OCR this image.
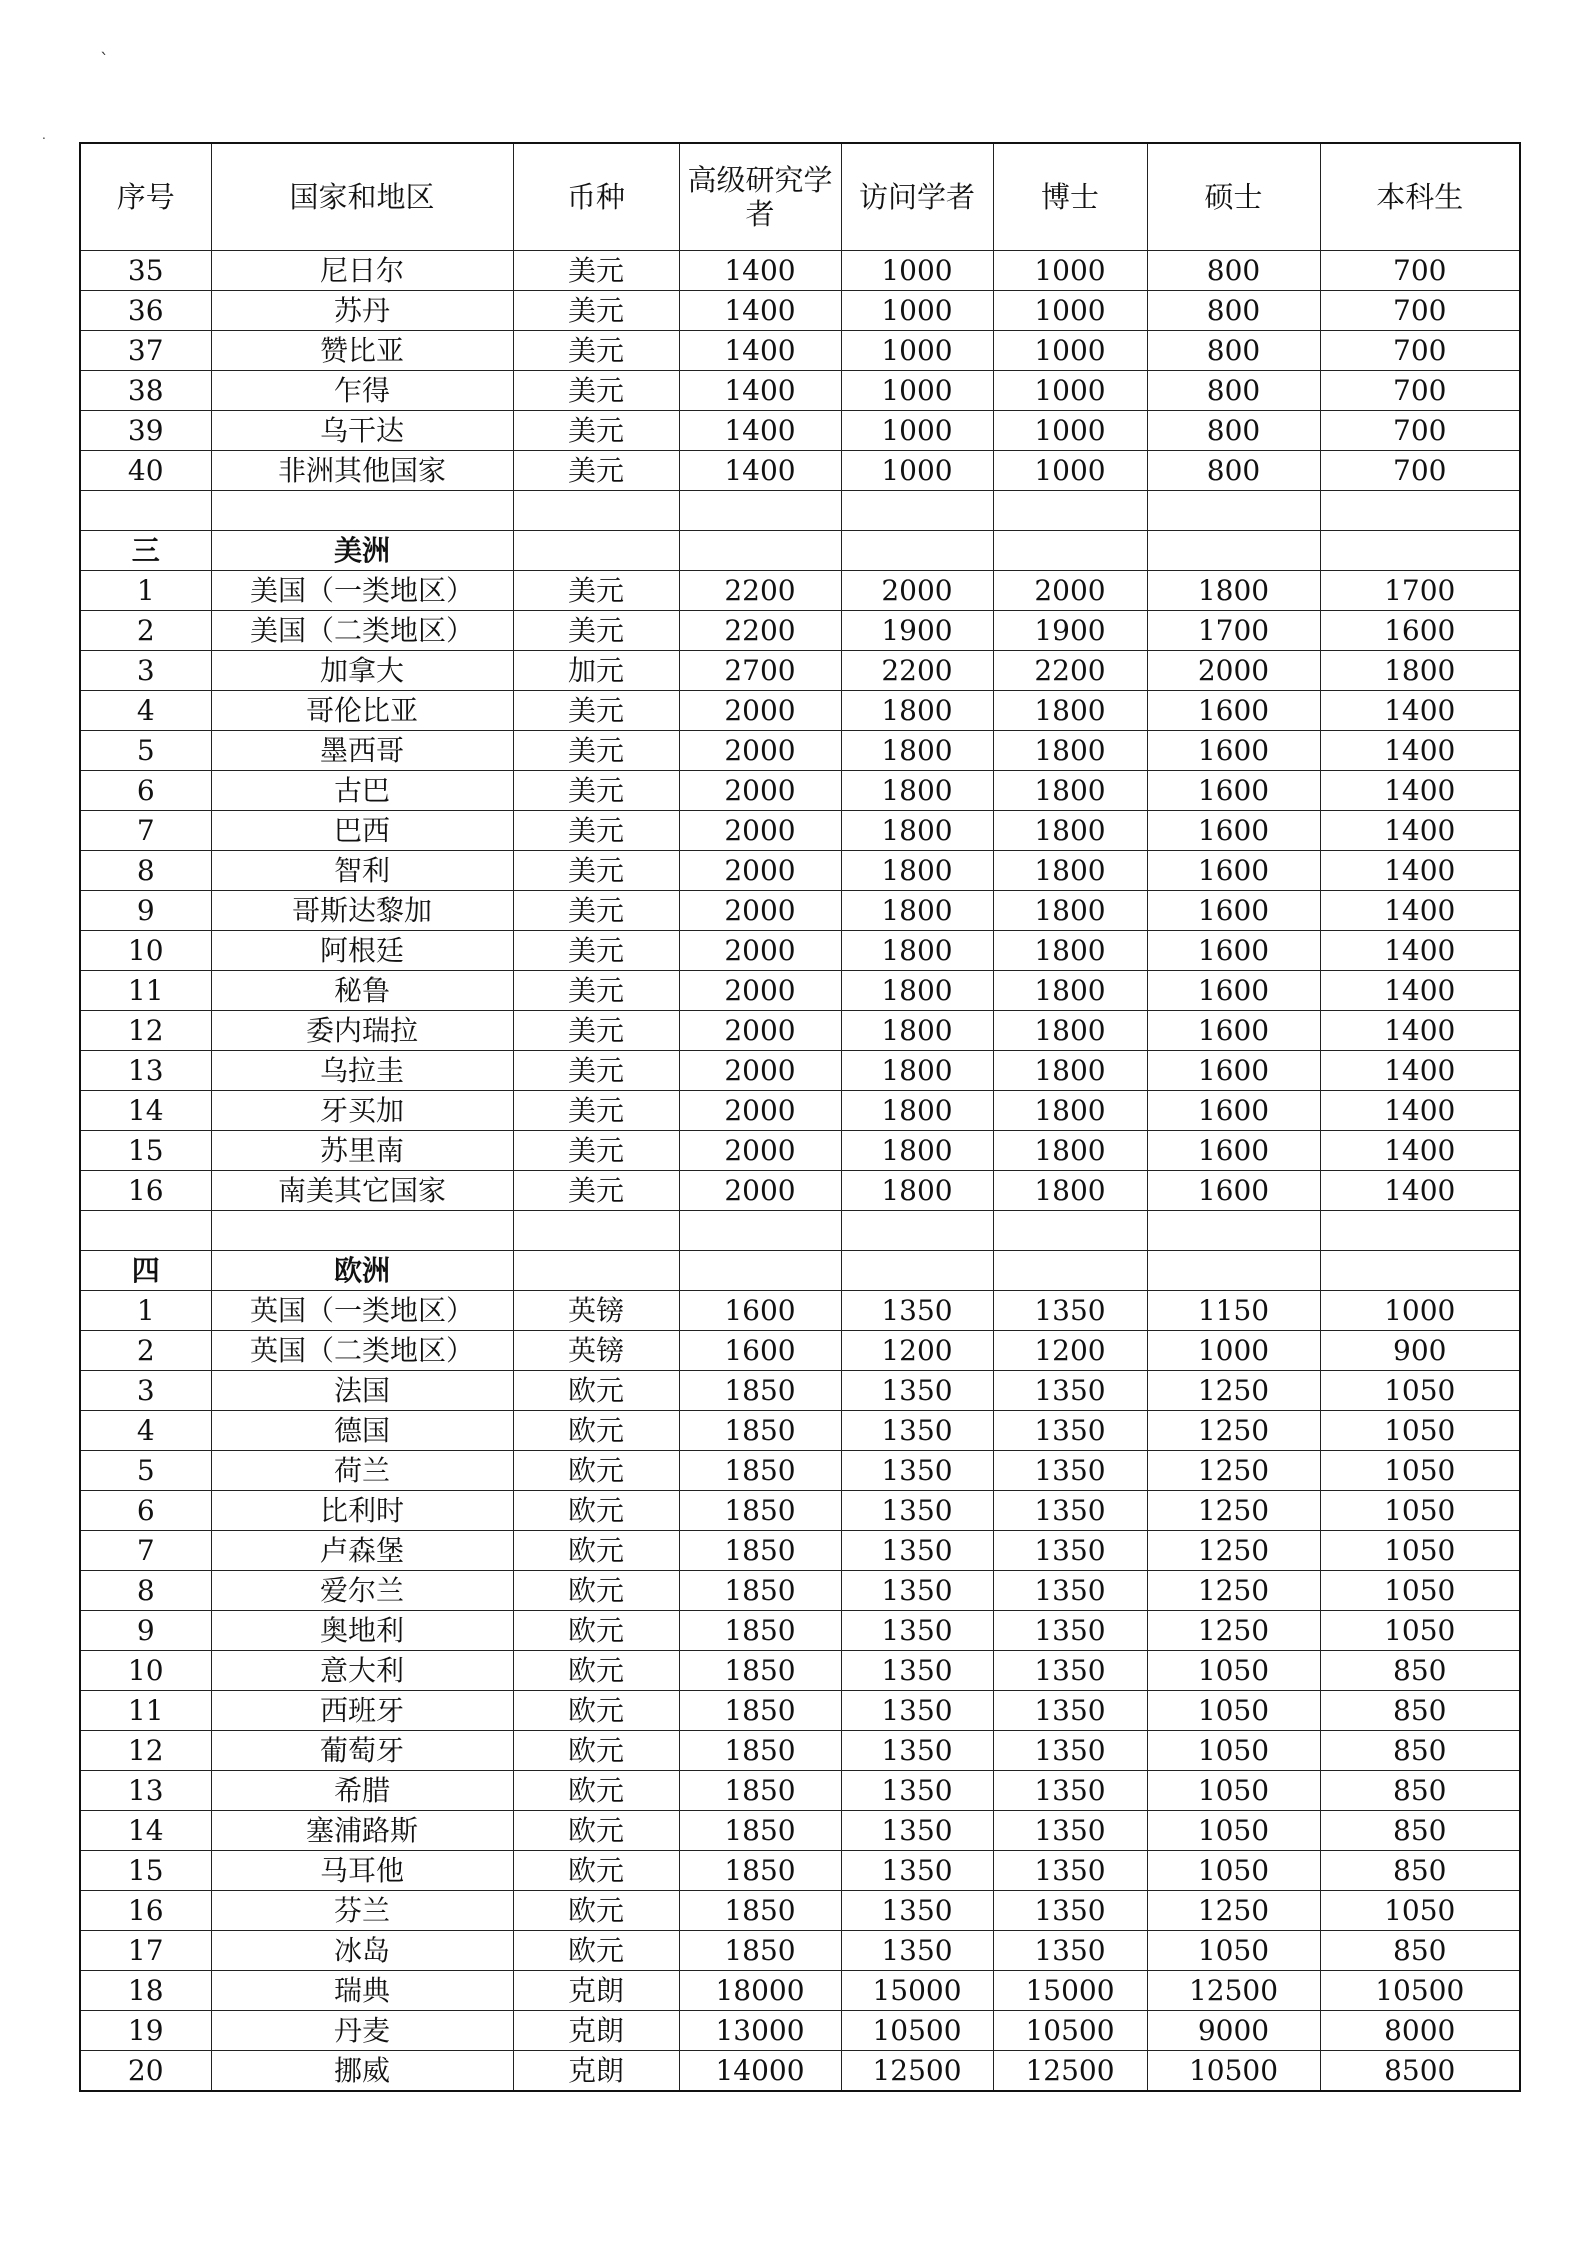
`
.
序号	国家和地区	币种	高级研究学者	访问学者	博士	硕士	本科生
35	尼日尔	美元	1400	1000	1000	800	700
36	苏丹	美元	1400	1000	1000	800	700
37	赞比亚	美元	1400	1000	1000	800	700
38	乍得	美元	1400	1000	1000	800	700
39	乌干达	美元	1400	1000	1000	800	700
40	非洲其他国家	美元	1400	1000	1000	800	700

三	美洲						
1	美国（一类地区）	美元	2200	2000	2000	1800	1700
2	美国（二类地区）	美元	2200	1900	1900	1700	1600
3	加拿大	加元	2700	2200	2200	2000	1800
4	哥伦比亚	美元	2000	1800	1800	1600	1400
5	墨西哥	美元	2000	1800	1800	1600	1400
6	古巴	美元	2000	1800	1800	1600	1400
7	巴西	美元	2000	1800	1800	1600	1400
8	智利	美元	2000	1800	1800	1600	1400
9	哥斯达黎加	美元	2000	1800	1800	1600	1400
10	阿根廷	美元	2000	1800	1800	1600	1400
11	秘鲁	美元	2000	1800	1800	1600	1400
12	委内瑞拉	美元	2000	1800	1800	1600	1400
13	乌拉圭	美元	2000	1800	1800	1600	1400
14	牙买加	美元	2000	1800	1800	1600	1400
15	苏里南	美元	2000	1800	1800	1600	1400
16	南美其它国家	美元	2000	1800	1800	1600	1400

四	欧洲						
1	英国（一类地区）	英镑	1600	1350	1350	1150	1000
2	英国（二类地区）	英镑	1600	1200	1200	1000	900
3	法国	欧元	1850	1350	1350	1250	1050
4	德国	欧元	1850	1350	1350	1250	1050
5	荷兰	欧元	1850	1350	1350	1250	1050
6	比利时	欧元	1850	1350	1350	1250	1050
7	卢森堡	欧元	1850	1350	1350	1250	1050
8	爱尔兰	欧元	1850	1350	1350	1250	1050
9	奥地利	欧元	1850	1350	1350	1250	1050
10	意大利	欧元	1850	1350	1350	1050	850
11	西班牙	欧元	1850	1350	1350	1050	850
12	葡萄牙	欧元	1850	1350	1350	1050	850
13	希腊	欧元	1850	1350	1350	1050	850
14	塞浦路斯	欧元	1850	1350	1350	1050	850
15	马耳他	欧元	1850	1350	1350	1050	850
16	芬兰	欧元	1850	1350	1350	1250	1050
17	冰岛	欧元	1850	1350	1350	1050	850
18	瑞典	克朗	18000	15000	15000	12500	10500
19	丹麦	克朗	13000	10500	10500	9000	8000
20	挪威	克朗	14000	12500	12500	10500	8500
